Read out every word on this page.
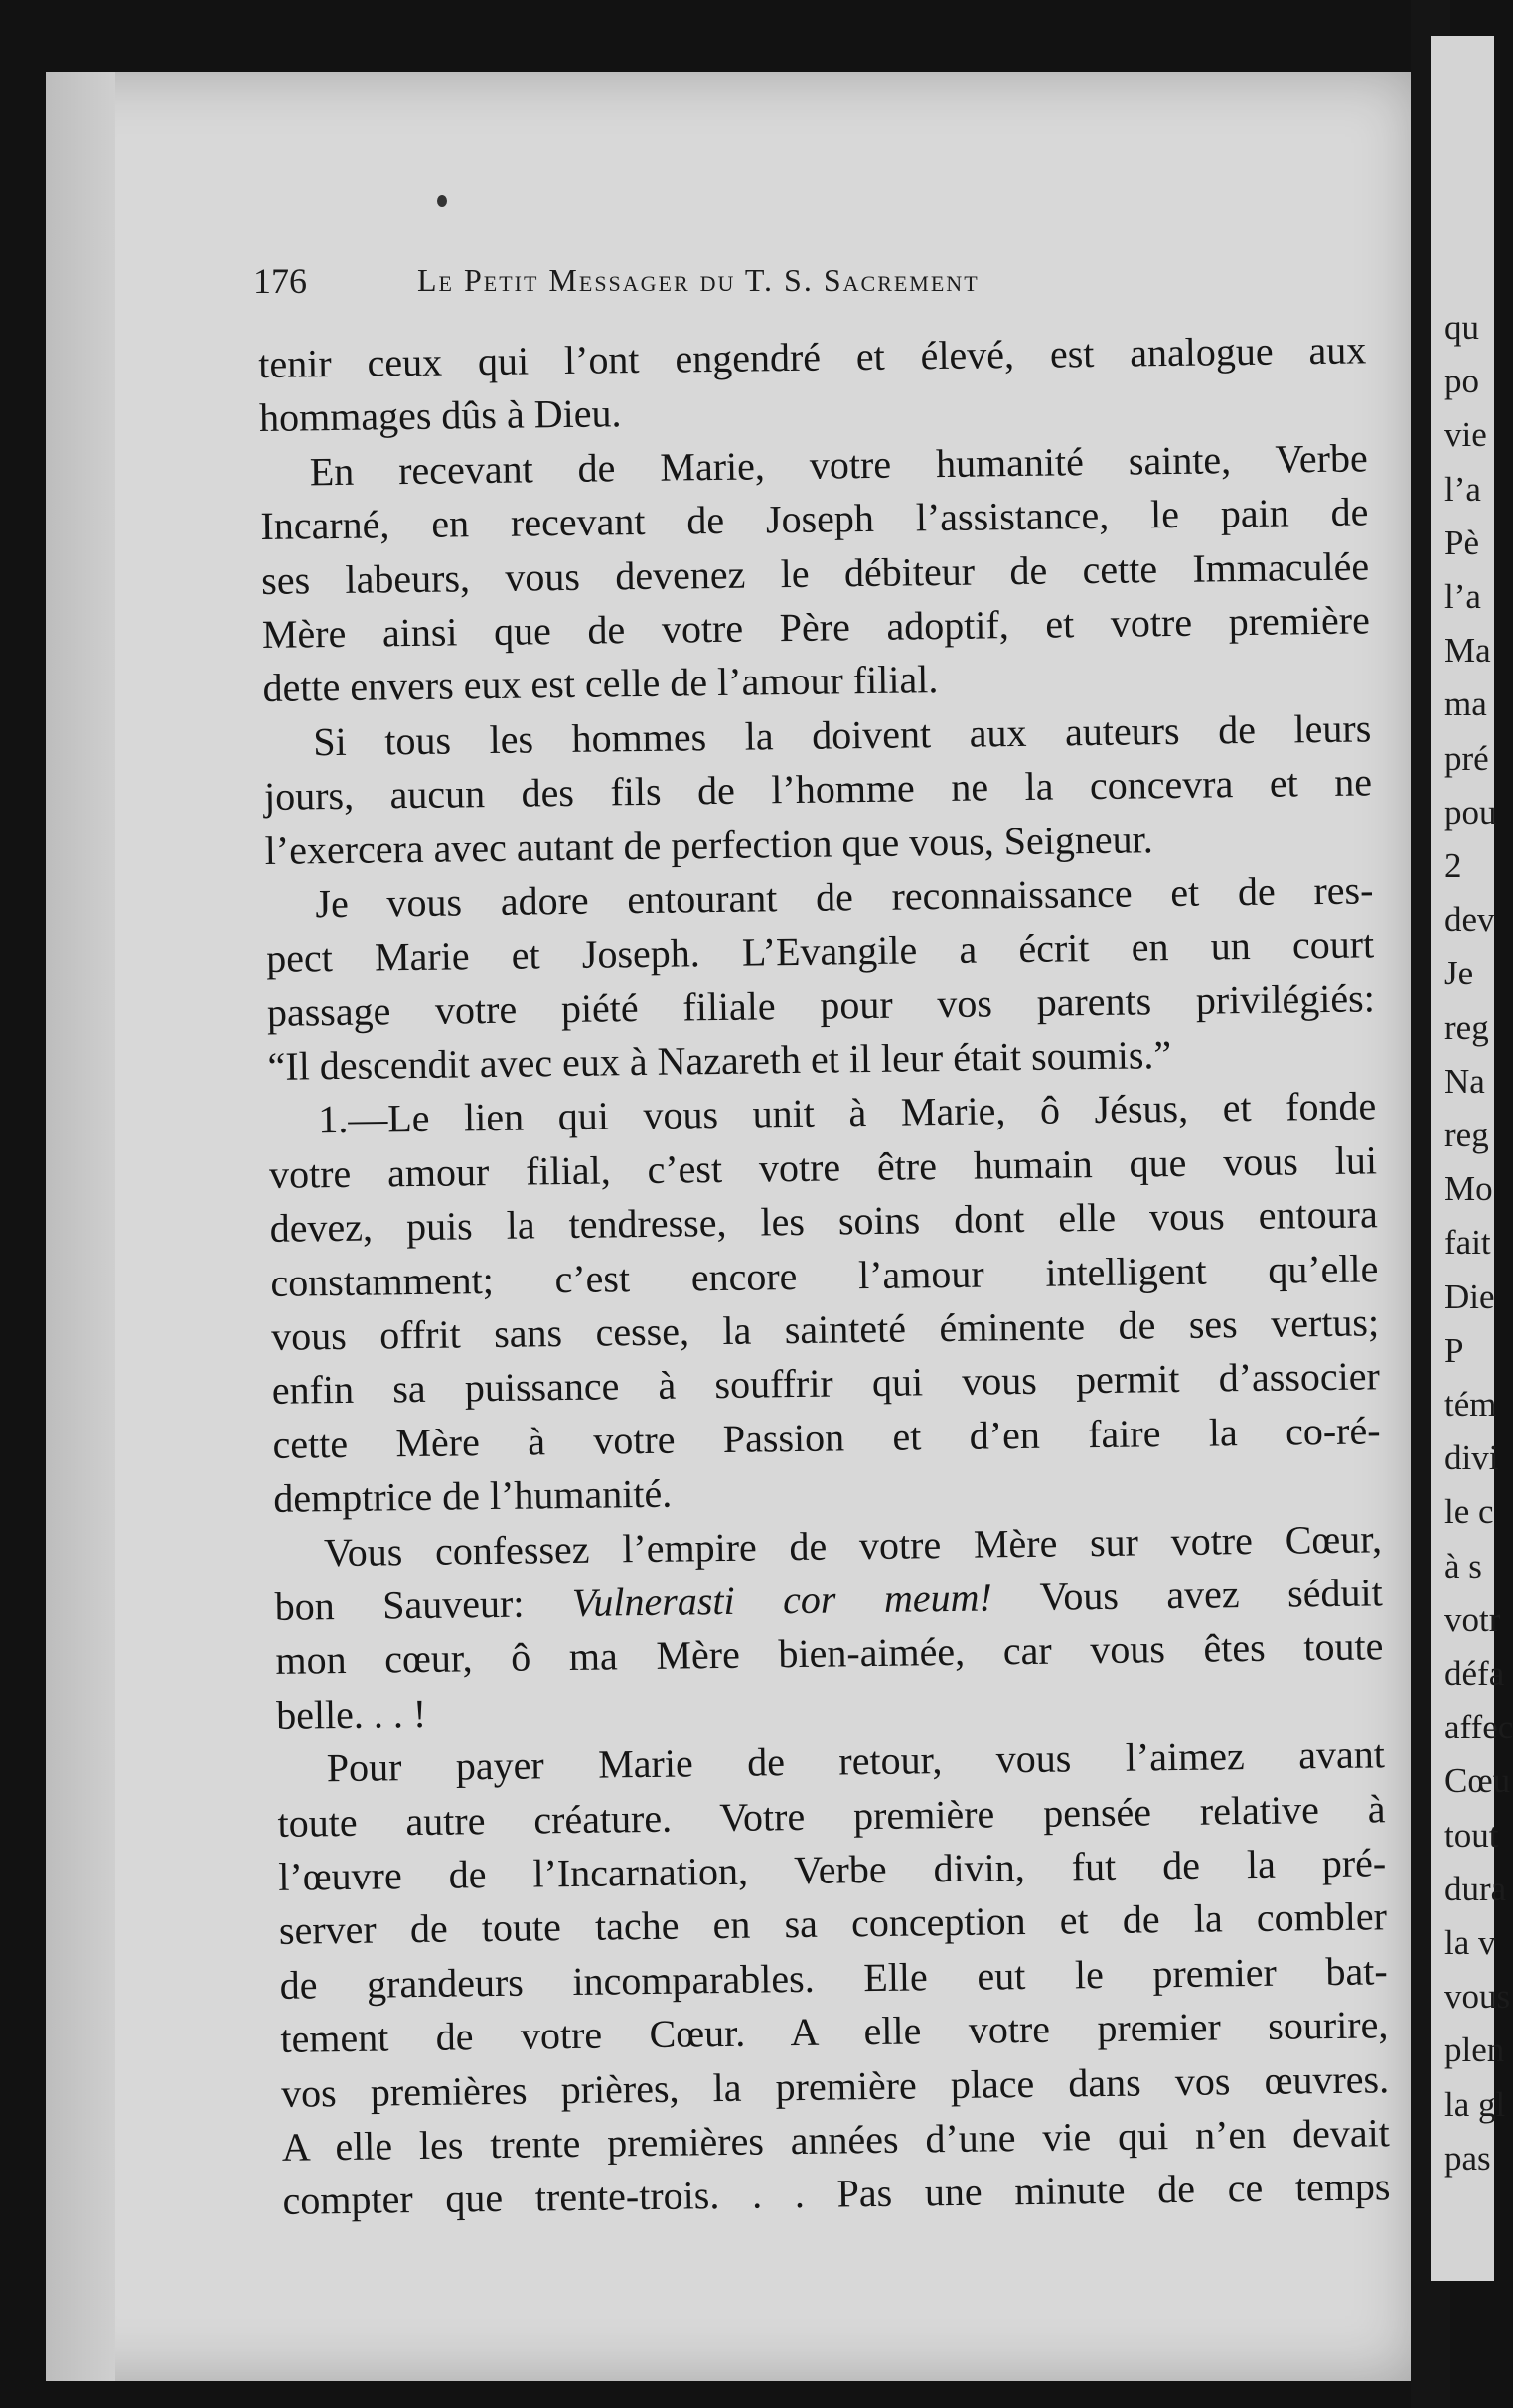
qu
po
vie
l’a
Pè
l’a
Ma
ma
pré
pou
2
dev
Je
reg
Na
reg
Mo
fait
Die
P
tém
divi
le c
à s
votr
défa
affec
Cœu
tout
dura
la v
vous
plen
la gl
pas
176	Le Petit Messager du T. S. Sacrement
tenir ceux qui l’ont engendré et élevé, est analogue aux
hommages dûs à Dieu.
En recevant de Marie, votre humanité sainte, Verbe
Incarné, en recevant de Joseph l’assistance, le pain de
ses labeurs, vous devenez le débiteur de cette Immaculée
Mère ainsi que de votre Père adoptif, et votre première
dette envers eux est celle de l’amour filial.
Si tous les hommes la doivent aux auteurs de leurs
jours, aucun des fils de l’homme ne la concevra et ne
l’exercera avec autant de perfection que vous, Seigneur.
Je vous adore entourant de reconnaissance et de res-
pect Marie et Joseph. L’Evangile a écrit en un court
passage votre piété filiale pour vos parents privilégiés:
“Il descendit avec eux à Nazareth et il leur était soumis.”
1.—Le lien qui vous unit à Marie, ô Jésus, et fonde
votre amour filial, c’est votre être humain que vous lui
devez, puis la tendresse, les soins dont elle vous entoura
constamment; c’est encore l’amour intelligent qu’elle
vous offrit sans cesse, la sainteté éminente de ses vertus;
enfin sa puissance à souffrir qui vous permit d’associer
cette Mère à votre Passion et d’en faire la co-ré-
demptrice de l’humanité.
Vous confessez l’empire de votre Mère sur votre Cœur,
bon Sauveur: Vulnerasti cor meum! Vous avez séduit
mon cœur, ô ma Mère bien-aimée, car vous êtes toute
belle. . . !
Pour payer Marie de retour, vous l’aimez avant
toute autre créature. Votre première pensée relative à
l’œuvre de l’Incarnation, Verbe divin, fut de la pré-
server de toute tache en sa conception et de la combler
de grandeurs incomparables. Elle eut le premier bat-
tement de votre Cœur. A elle votre premier sourire,
vos premières prières, la première place dans vos œuvres.
A elle les trente premières années d’une vie qui n’en devait
compter que trente-trois. . . Pas une minute de ce temps
